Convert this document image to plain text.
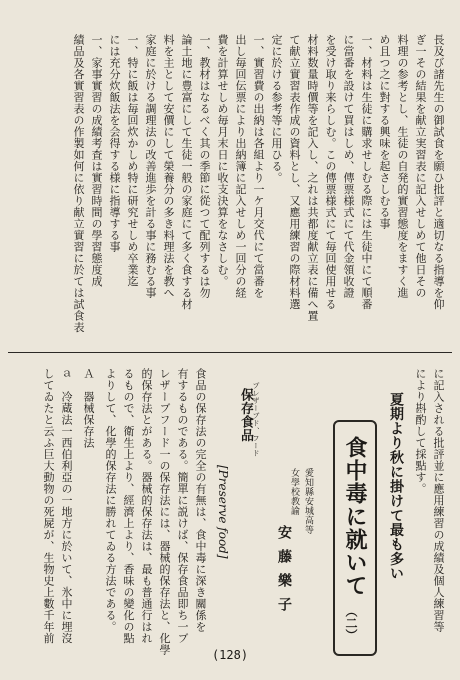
長及び諸先生の御試食を願ひ批評と適切なる指導を仰
ぎ一その結果を献立実習表に記入せしめて他日その
料理の参考とし、生徒の自発的實習態度をますく進
め且つ之に對する興味を起さしむる事
一、材料は生徒に購求せしむる際には生徒中にて順番
に當番を設けて買はしめ、傳票様式にて代金領收證
を受け取り来らしむ。この傳票様式にて毎回使用せる
材料数量時價等を記入し、之れは共都度献立表に備へ置
て献立實習表作成の資料とし、又應用練習の際材料選
定に於ける参考等に用ひる。
一、實習費の出納は各組より一ケ月交代にて當番を
出し毎回伝票により出納簿に記入せしめ一回分の経
費を計算せしめ毎月末日に收支決算をなさしむ。
一、教材はなるべく其の季節に從つて配列するは勿
論土地に豊富にして生徒一般の家庭にて多く食する材
料を主として安價にして榮養分の多き料理法を教へ
家庭に於ける調理法の改善進歩を計る事に務むる事
一、特に飯は毎回炊かしめ特に研究せしめ卒業迄
には充分炊飯法を会得する様に指導する事
一、家事實習の成績考査は實習時間の學習態度成
績品及各實習表の作製如何に依り献立實習に於ては試食表
に記入される批評並に應用練習の成績及個人練習等
により斟酌して採點す。
夏期より秋に掛けて最も多い
食中毒に就いて
（二）
愛知縣安城高等
女學校教諭
安藤樂子
プレザーブド、フード
保存食品
[Preserve food]
食品の保存法の完全の有無は、食中毒に深き關係を
有するものである。簡單に説けば、保存食品即ち一ブ
レザーブフード一の保存法には、器械的保存法と、化學
的保存法とがある。器械的保存法は、最も普通行はれ
るもので、衛生上より、經濟上より、香味の變化の點
よりして、化學的保存法に勝れてゐる方法である。
Ａ　器械保存法
ａ　冷蔵法一西伯利亞の一地方に於いて、氷中に埋沒
してゐたと云ふ巨大動物の死屍が、生物史上數千年前
(128)
